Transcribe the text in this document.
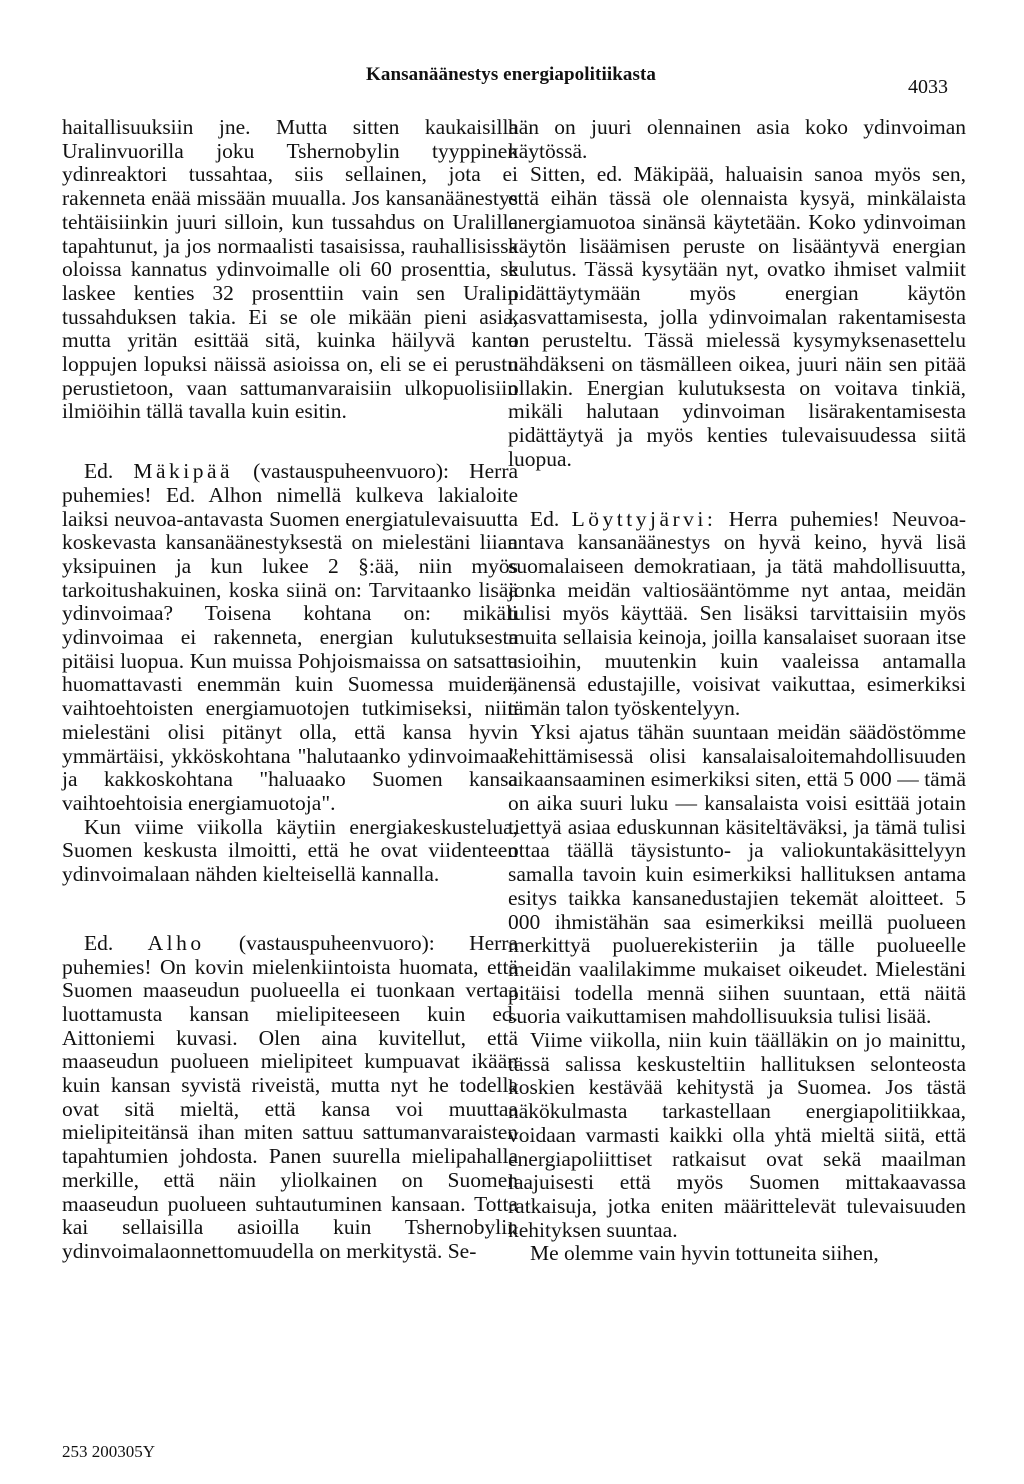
Kansanäänestys energiapolitiikasta
4033

haitallisuuksiin jne. Mutta sitten kaukaisilla Uralinvuorilla joku Tshernobylin tyyppinen ydinreaktori tussahtaa, siis sellainen, jota ei rakenneta enää missään muualla. Jos kansanäänestys tehtäisiinkin juuri silloin, kun tussahdus on Uralilla tapahtunut, ja jos normaalisti tasaisissa, rauhallisissa oloissa kannatus ydinvoimalle oli 60 prosenttia, se laskee kenties 32 prosenttiin vain sen Uralin tussahduksen takia. Ei se ole mikään pieni asia, mutta yritän esittää sitä, kuinka häilyvä kanta loppujen lopuksi näissä asioissa on, eli se ei perustu perustietoon, vaan sattumanvaraisiin ulkopuolisiin ilmiöihin tällä tavalla kuin esitin.

Ed. Mäkipää (vastauspuheenvuoro): Herra puhemies! Ed. Alhon nimellä kulkeva lakialoite laiksi neuvoa-antavasta Suomen energiatulevaisuutta koskevasta kansanäänestyksestä on mielestäni liian yksipuinen ja kun lukee 2 §:ää, niin myös tarkoitushakuinen, koska siinä on: Tarvitaanko lisää ydinvoimaa? Toisena kohtana on: mikäli ydinvoimaa ei rakenneta, energian kulutuksesta pitäisi luopua. Kun muissa Pohjoismaissa on satsattu huomattavasti enemmän kuin Suomessa muiden, vaihtoehtoisten energiamuotojen tutkimiseksi, niin mielestäni olisi pitänyt olla, että kansa hyvin ymmärtäisi, ykköskohtana "halutaanko ydinvoimaa" ja kakkoskohtana "haluaako Suomen kansa vaihtoehtoisia energiamuotoja".

Kun viime viikolla käytiin energiakeskustelua, Suomen keskusta ilmoitti, että he ovat viidenteen ydinvoimalaan nähden kielteisellä kannalla.

Ed. Alho (vastauspuheenvuoro): Herra puhemies! On kovin mielenkiintoista huomata, että Suomen maaseudun puolueella ei tuonkaan vertaa luottamusta kansan mielipiteeseen kuin ed. Aittoniemi kuvasi. Olen aina kuvitellut, että maaseudun puolueen mielipiteet kumpuavat ikään kuin kansan syvistä riveistä, mutta nyt he todella ovat sitä mieltä, että kansa voi muuttaa mielipiteitänsä ihan miten sattuu sattumanvaraisten tapahtumien johdosta. Panen suurella mielipahalla merkille, että näin yliolkainen on Suomen maaseudun puolueen suhtautuminen kansaan. Totta kai sellaisilla asioilla kuin Tshernobylin ydinvoimalaonnettomuudella on merkitystä. Se-

hän on juuri olennainen asia koko ydinvoiman käytössä.

Sitten, ed. Mäkipää, haluaisin sanoa myös sen, että eihän tässä ole olennaista kysyä, minkälaista energiamuotoa sinänsä käytetään. Koko ydinvoiman käytön lisäämisen peruste on lisääntyvä energian kulutus. Tässä kysytään nyt, ovatko ihmiset valmiit pidättäytymään myös energian käytön kasvattamisesta, jolla ydinvoimalan rakentamisesta on perusteltu. Tässä mielessä kysymyksenasettelu nähdäkseni on täsmälleen oikea, juuri näin sen pitää ollakin. Energian kulutuksesta on voitava tinkiä, mikäli halutaan ydinvoiman lisärakentamisesta pidättäytyä ja myös kenties tulevaisuudessa siitä luopua.

Ed. Löyttyjärvi: Herra puhemies! Neuvoa-antava kansanäänestys on hyvä keino, hyvä lisä suomalaiseen demokratiaan, ja tätä mahdollisuutta, jonka meidän valtiosääntömme nyt antaa, meidän tulisi myös käyttää. Sen lisäksi tarvittaisiin myös muita sellaisia keinoja, joilla kansalaiset suoraan itse asioihin, muutenkin kuin vaaleissa antamalla äänensä edustajille, voisivat vaikuttaa, esimerkiksi tämän talon työskentelyyn.

Yksi ajatus tähän suuntaan meidän säädöstömme kehittämisessä olisi kansalaisaloitemahdollisuuden aikaansaaminen esimerkiksi siten, että 5 000 — tämä on aika suuri luku — kansalaista voisi esittää jotain tiettyä asiaa eduskunnan käsiteltäväksi, ja tämä tulisi ottaa täällä täysistunto- ja valiokuntakäsittelyyn samalla tavoin kuin esimerkiksi hallituksen antama esitys taikka kansanedustajien tekemät aloitteet. 5 000 ihmistähän saa esimerkiksi meillä puolueen merkittyä puoluerekisteriin ja tälle puolueelle meidän vaalilakimme mukaiset oikeudet. Mielestäni pitäisi todella mennä siihen suuntaan, että näitä suoria vaikuttamisen mahdollisuuksia tulisi lisää.

Viime viikolla, niin kuin täälläkin on jo mainittu, tässä salissa keskusteltiin hallituksen selonteosta koskien kestävää kehitystä ja Suomea. Jos tästä näkökulmasta tarkastellaan energiapolitiikkaa, voidaan varmasti kaikki olla yhtä mieltä siitä, että energiapoliittiset ratkaisut ovat sekä maailman laajuisesti että myös Suomen mittakaavassa ratkaisuja, jotka eniten määrittelevät tulevaisuuden kehityksen suuntaa.

Me olemme vain hyvin tottuneita siihen,

253 200305Y
